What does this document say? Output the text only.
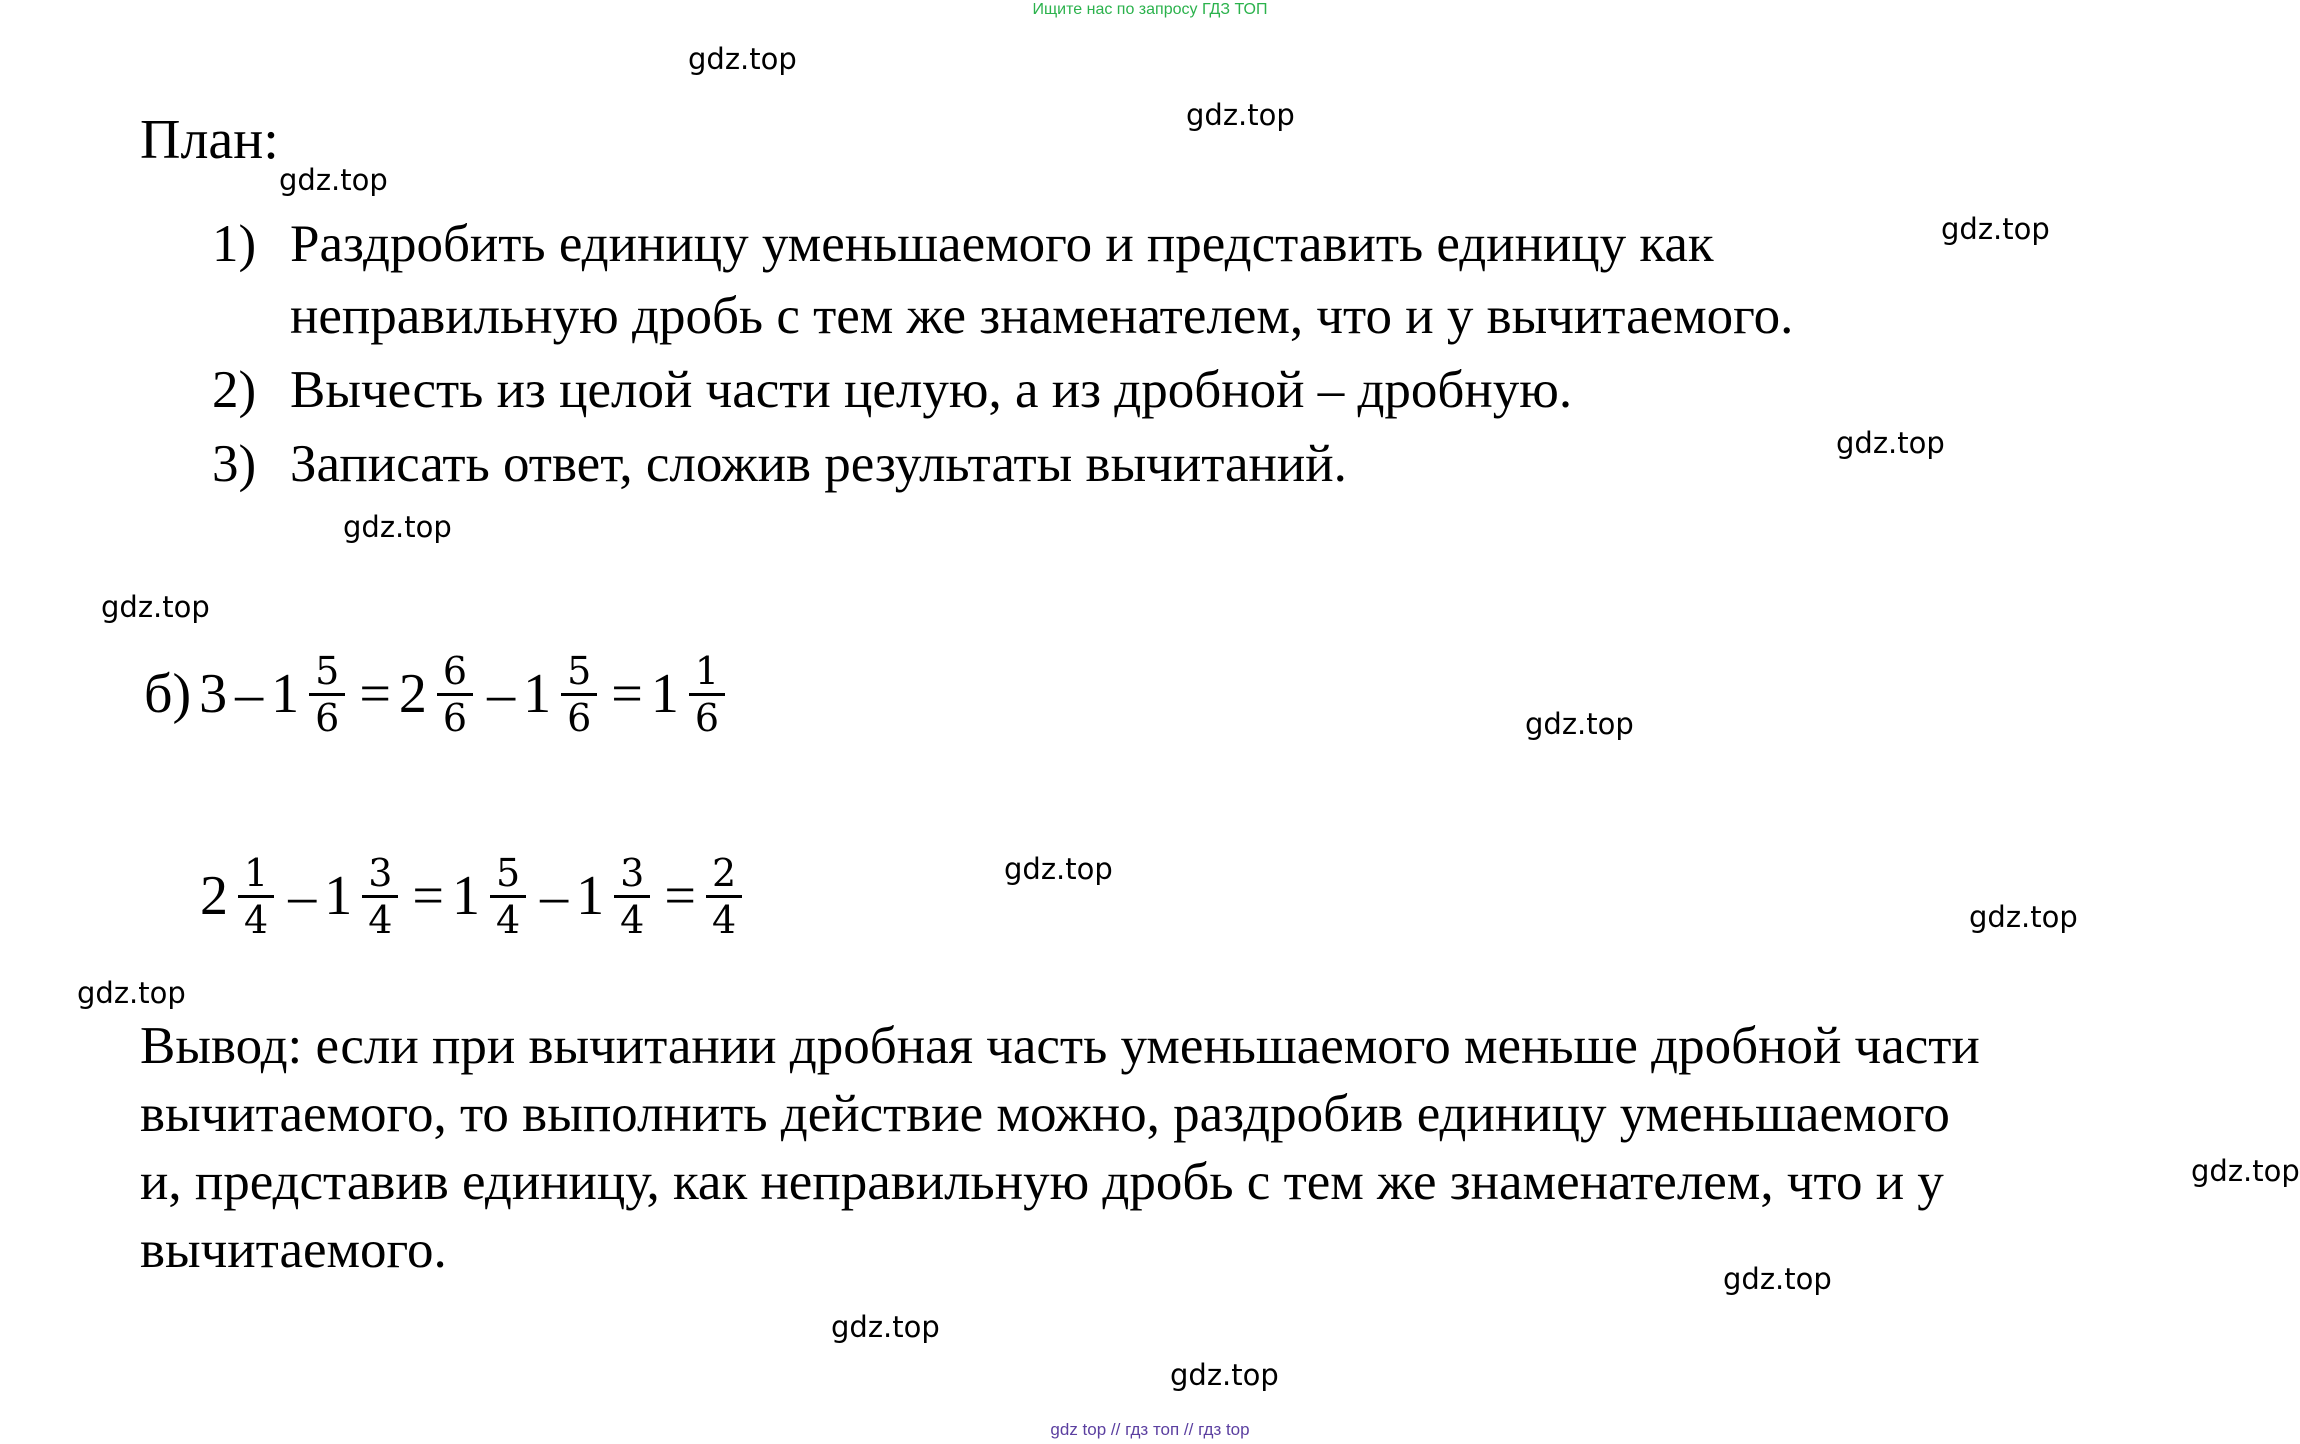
Ищите нас по запросу ГДЗ ТОП
gdz.top
gdz.top
gdz.top
gdz.top
gdz.top
gdz.top
gdz.top
gdz.top
gdz.top
gdz.top
gdz.top
gdz.top
gdz.top
gdz.top
gdz.top
План:
1) Раздробить единицу уменьшаемого и представить единицу как
неправильную дробь с тем же знаменателем, что и у вычитаемого.
2) Вычесть из целой части целую, а из дробной – дробную.
3) Записать ответ, сложив результаты вычитаний.
б) $3 - 1 \frac{5}{6} = 2 \frac{6}{6} - 1 \frac{5}{6} = 1 \frac{1}{6}$
$2 \frac{1}{4} - 1 \frac{3}{4} = 1 \frac{5}{4} - 1 \frac{3}{4} = \frac{2}{4}$
Вывод: если при вычитании дробная часть уменьшаемого меньше дробной части
вычитаемого, то выполнить действие можно, раздробив единицу уменьшаемого
и, представив единицу, как неправильную дробь с тем же знаменателем, что и у
вычитаемого.
gdz top // гдз топ // гдз top
